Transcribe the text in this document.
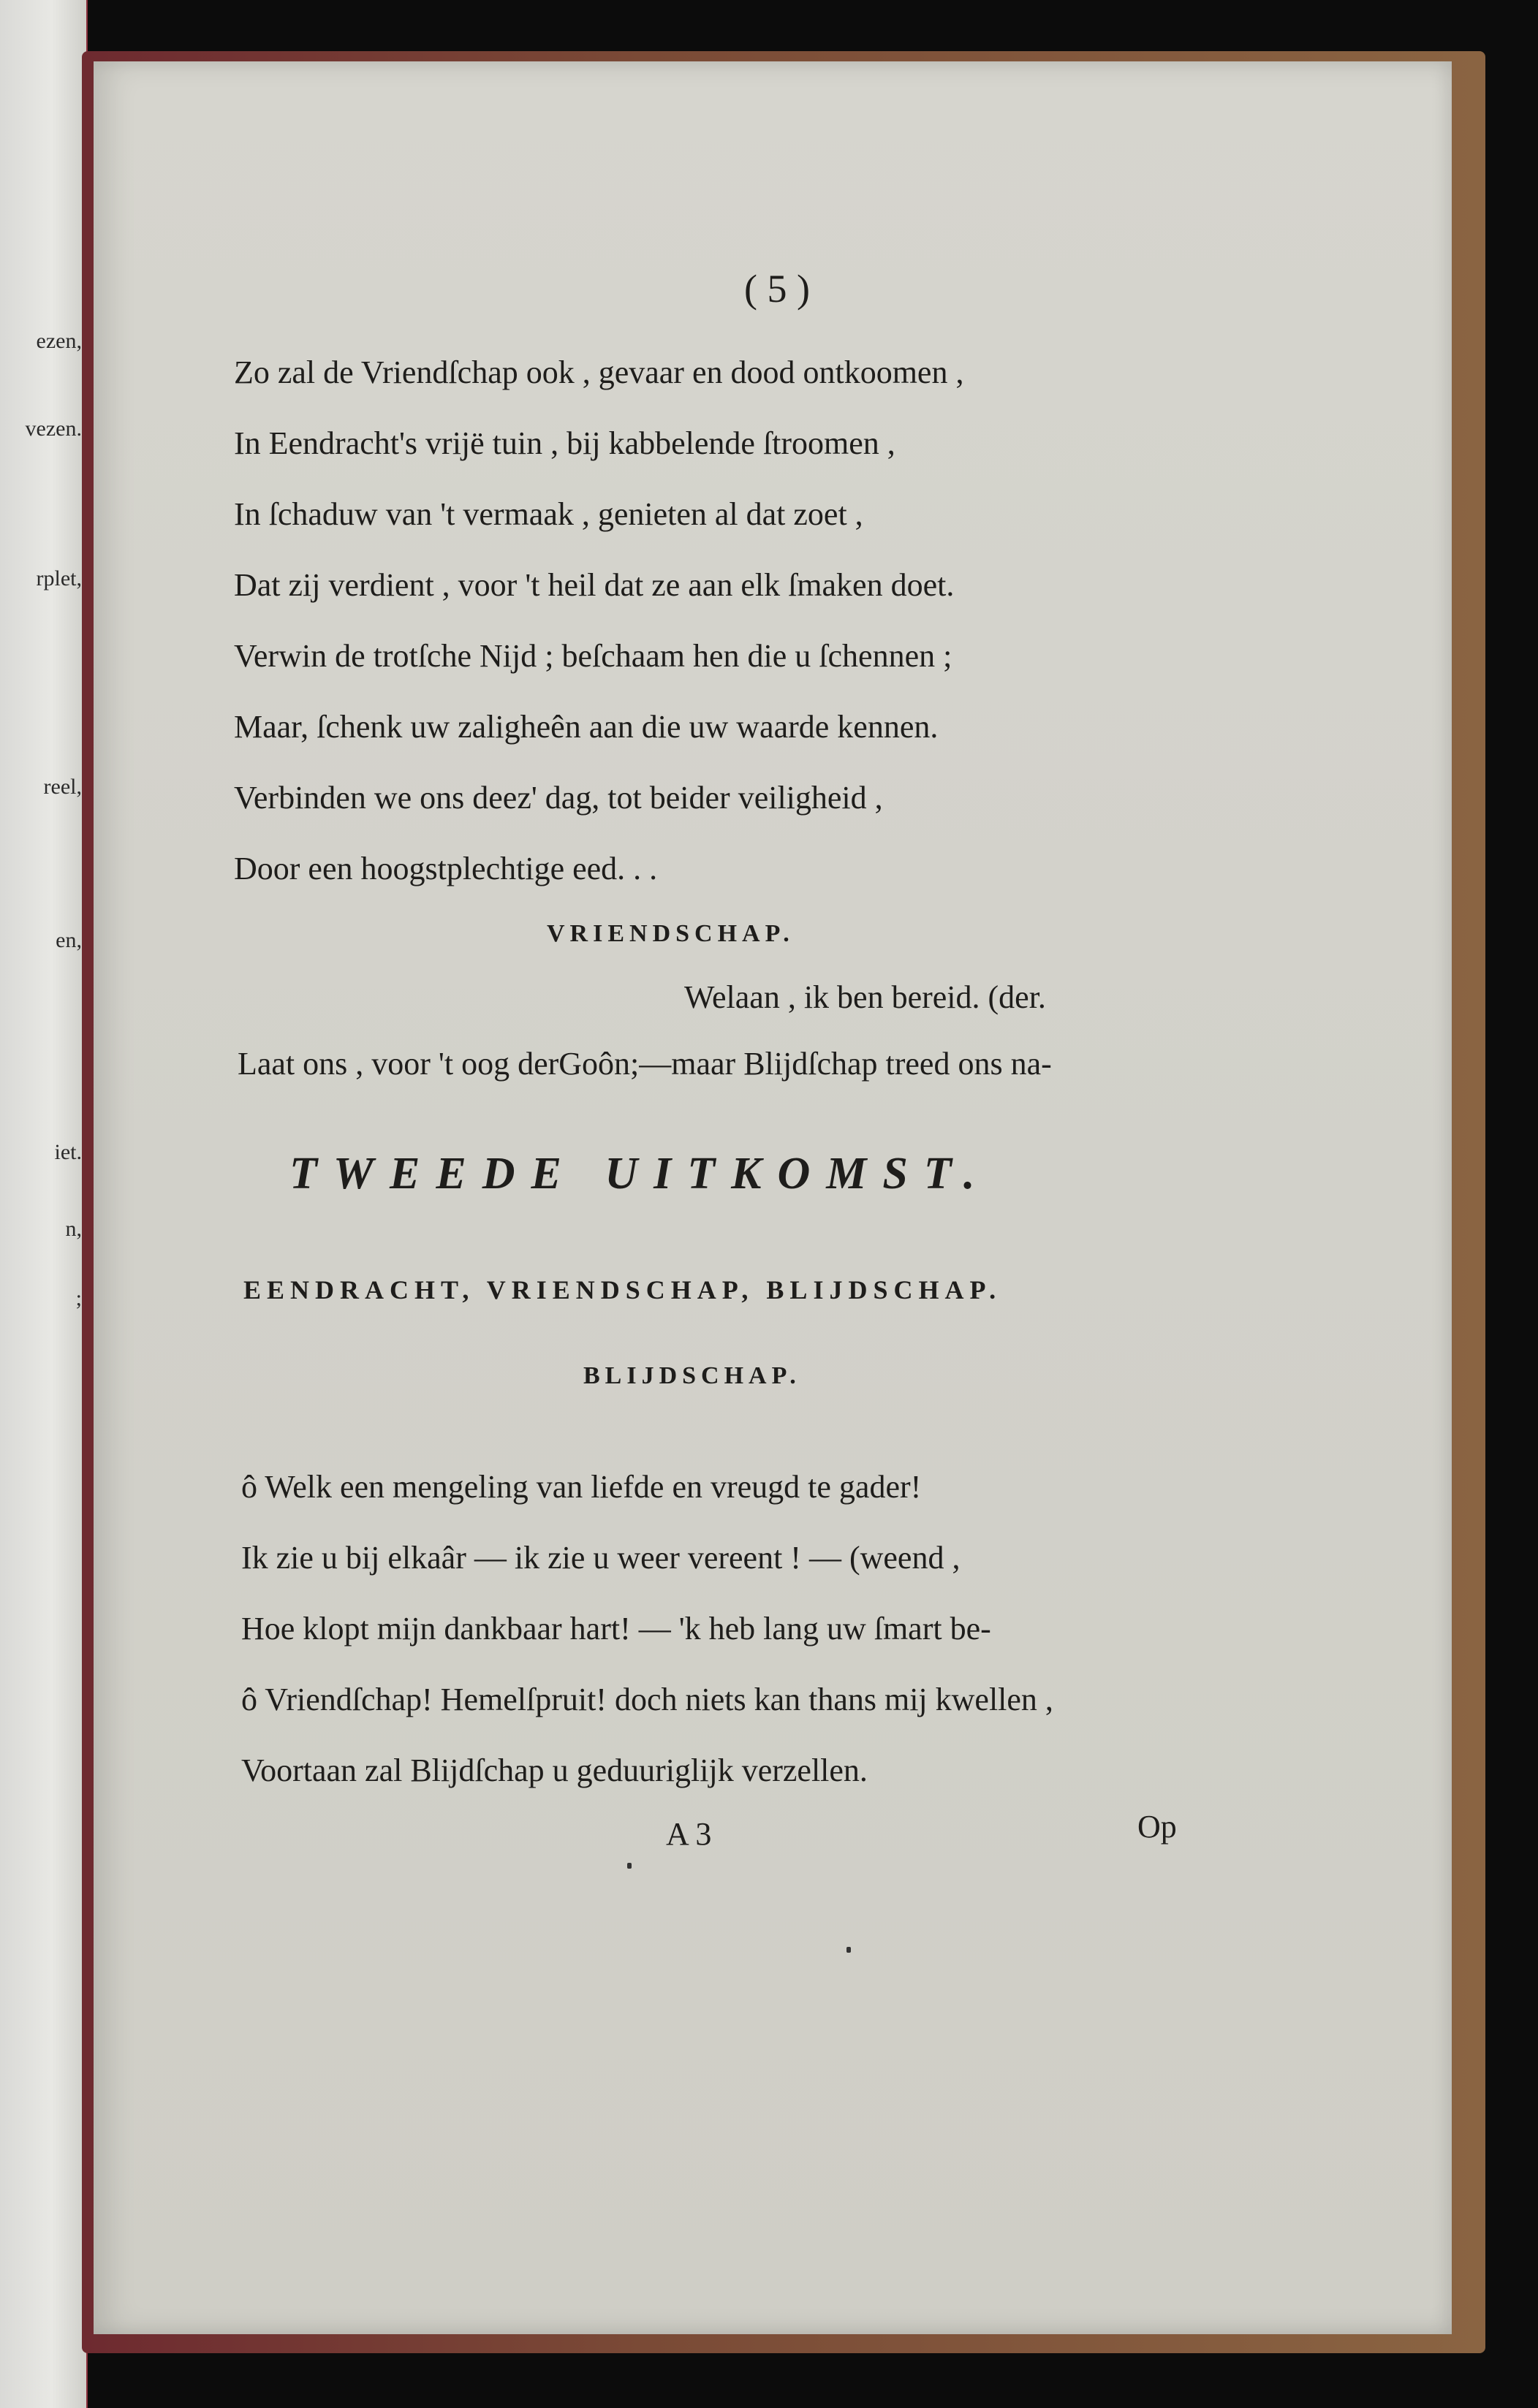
ezen,
vezen.
rplet,
reel,
en,
iet.
n,
;
( 5 )
Zo zal de Vriendſchap ook , gevaar en dood ontkoomen ,
In Eendracht's vrijë tuin , bij kabbelende ſtroomen ,
In ſchaduw van 't vermaak , genieten al dat zoet ,
Dat zij verdient , voor 't heil dat ze aan elk ſmaken doet.
Verwin de trotſche Nijd ; beſchaam hen die u ſchennen ;
Maar, ſchenk uw zaligheên aan die uw waarde kennen.
Verbinden we ons deez' dag, tot beider veiligheid ,
Door een hoogstplechtige eed. . .
VRIENDSCHAP.
Welaan , ik ben bereid. (der.
Laat ons , voor 't oog derGoôn;—maar Blijdſchap treed ons na-
TWEEDE UITKOMST.
EENDRACHT, VRIENDSCHAP, BLIJDSCHAP.
BLIJDSCHAP.
ô Welk een mengeling van liefde en vreugd te gader!
Ik zie u bij elkaâr — ik zie u weer vereent ! — (weend ,
Hoe klopt mijn dankbaar hart! — 'k heb lang uw ſmart be-
ô Vriendſchap! Hemelſpruit! doch niets kan thans mij kwellen ,
Voortaan zal Blijdſchap u geduuriglijk verzellen.
A 3	Op
